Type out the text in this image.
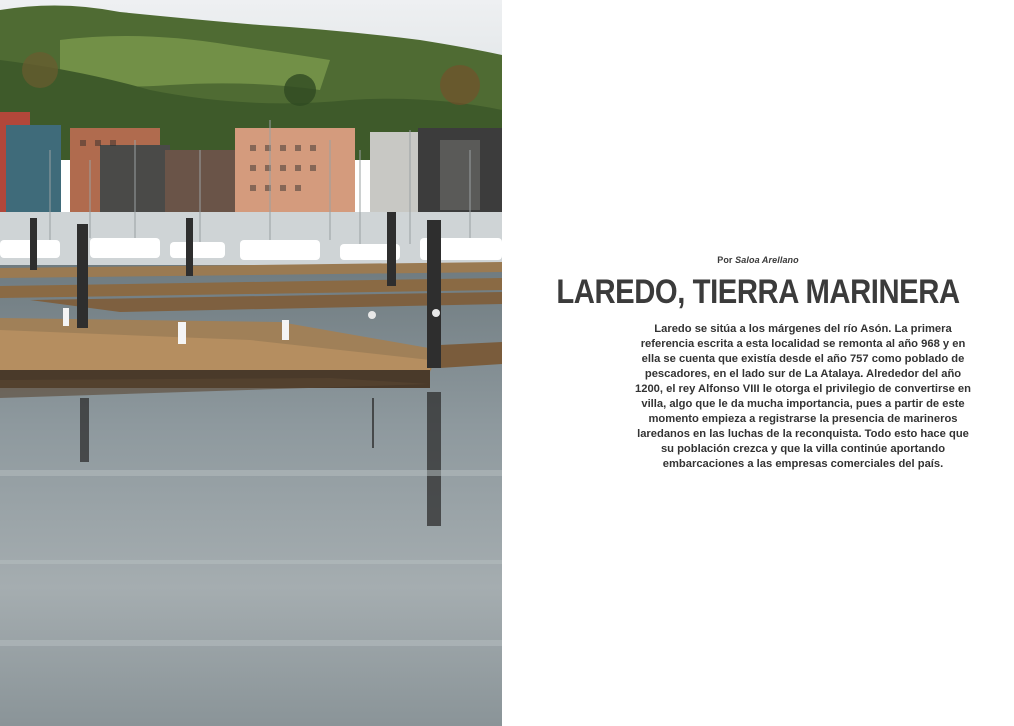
Por Saloa Arellano
LAREDO, TIERRA MARINERA
Laredo se sitúa a los márgenes del río Asón. La primera referencia escrita a esta localidad se remonta al año 968 y en ella se cuenta que existía desde el año 757 como poblado de pescadores, en el lado sur de La Atalaya. Alrededor del año 1200, el rey Alfonso VIII le otorga el privilegio de convertirse en villa, algo que le da mucha importancia, pues a partir de este momento empieza a registrarse la presencia de marineros laredanos en las luchas de la reconquista. Todo esto hace que su población crezca y que la villa continúe aportando embarcaciones a las empresas comerciales del país.
